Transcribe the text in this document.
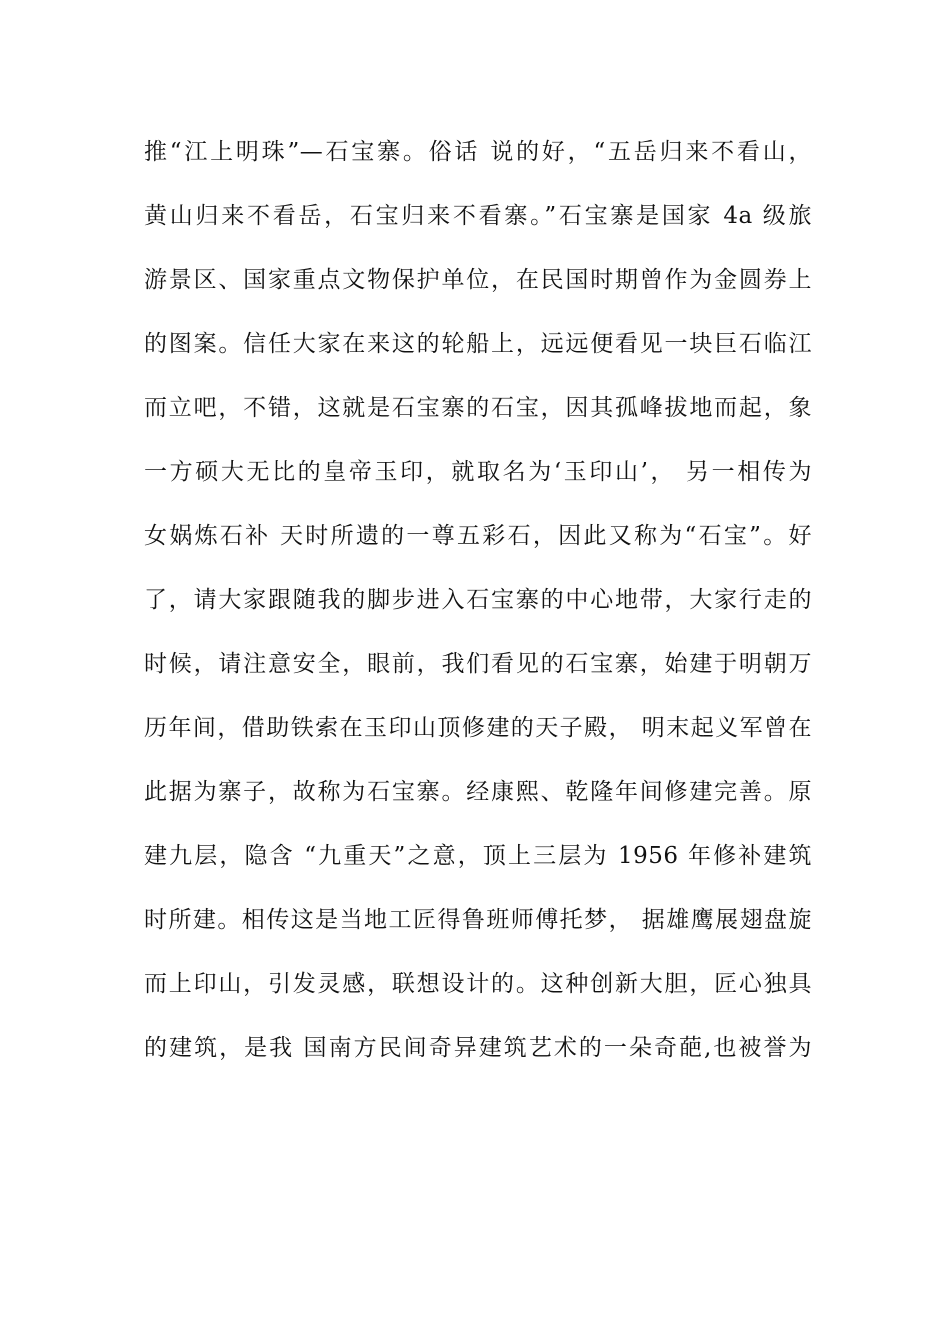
推“江上明珠”—石宝寨。俗话 说的好，“五岳归来不看山，
黄山归来不看岳，石宝归来不看寨。”石宝寨是国家 4a 级旅
游景区、国家重点文物保护单位，在民国时期曾作为金圆券上
的图案。信任大家在来这的轮船上，远远便看见一块巨石临江
而立吧，不错，这就是石宝寨的石宝，因其孤峰拔地而起，象
一方硕大无比的皇帝玉印，就取名为‘玉印山’， 另一相传为
女娲炼石补 天时所遗的一尊五彩石，因此又称为“石宝”。好
了，请大家跟随我的脚步进入石宝寨的中心地带，大家行走的
时候，请注意安全，眼前，我们看见的石宝寨，始建于明朝万
历年间，借助铁索在玉印山顶修建的天子殿， 明末起义军曾在
此据为寨子，故称为石宝寨。经康熙、乾隆年间修建完善。原
建九层，隐含 “九重天”之意，顶上三层为 1956 年修补建筑
时所建。相传这是当地工匠得鲁班师傅托梦， 据雄鹰展翅盘旋
而上印山，引发灵感，联想设计的。这种创新大胆，匠心独具
的建筑，是我 国南方民间奇异建筑艺术的一朵奇葩,也被誉为
